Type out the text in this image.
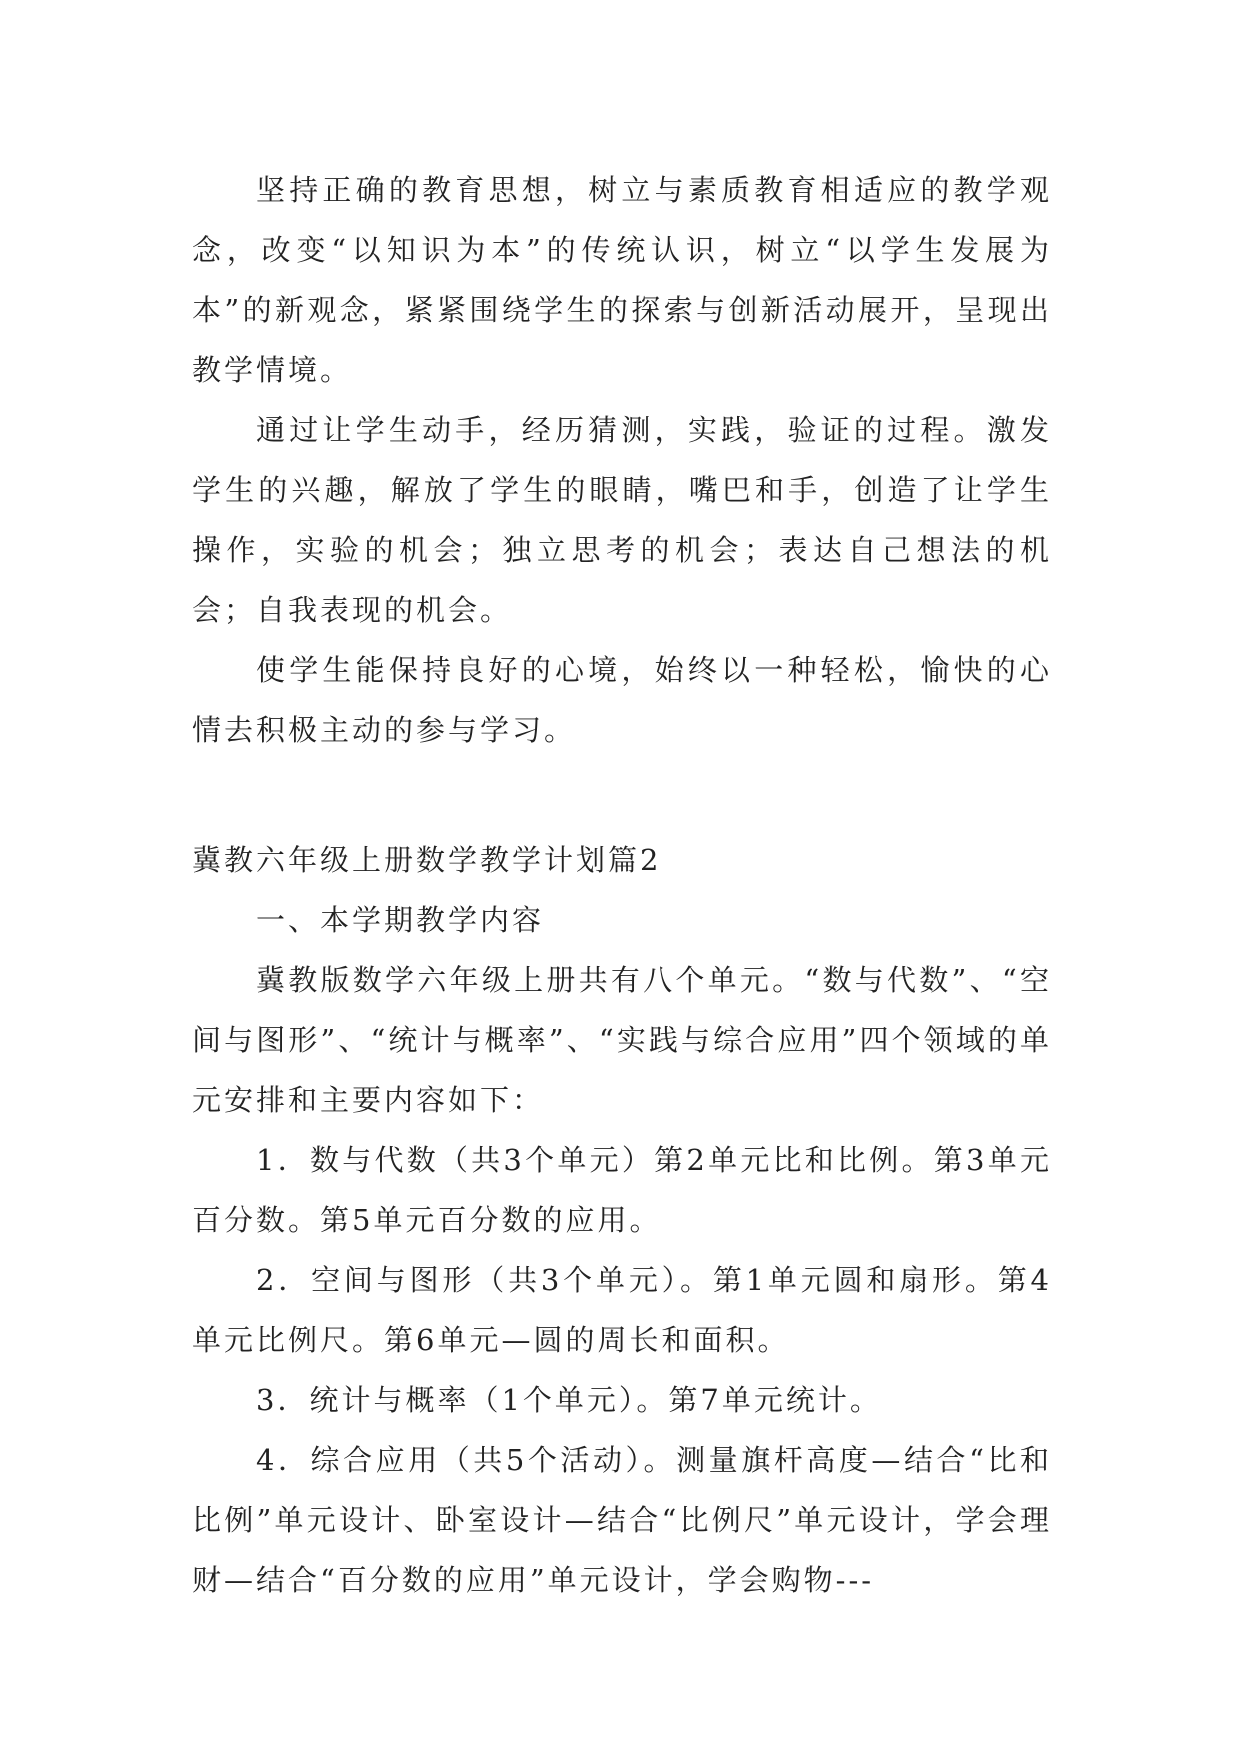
坚持正确的教育思想，树立与素质教育相适应的教学观念，改变“以知识为本”的传统认识，树立“以学生发展为本”的新观念，紧紧围绕学生的探索与创新活动展开，呈现出教学情境。

通过让学生动手，经历猜测，实践，验证的过程。激发学生的兴趣，解放了学生的眼睛，嘴巴和手，创造了让学生操作，实验的机会；独立思考的机会；表达自己想法的机会；自我表现的机会。

使学生能保持良好的心境，始终以一种轻松，愉快的心情去积极主动的参与学习。

冀教六年级上册数学教学计划篇2

一、本学期教学内容

冀教版数学六年级上册共有八个单元。“数与代数”、“空间与图形”、“统计与概率”、“实践与综合应用”四个领域的单元安排和主要内容如下：

1．数与代数（共3个单元）第2单元比和比例。第3单元百分数。第5单元百分数的应用。

2．空间与图形（共3个单元）。第1单元圆和扇形。第4单元比例尺。第6单元—圆的周长和面积。

3．统计与概率（1个单元）。第7单元统计。

4．综合应用（共5个活动）。测量旗杆高度—结合“比和比例”单元设计、卧室设计—结合“比例尺”单元设计，学会理财—结合“百分数的应用”单元设计，学会购物---
